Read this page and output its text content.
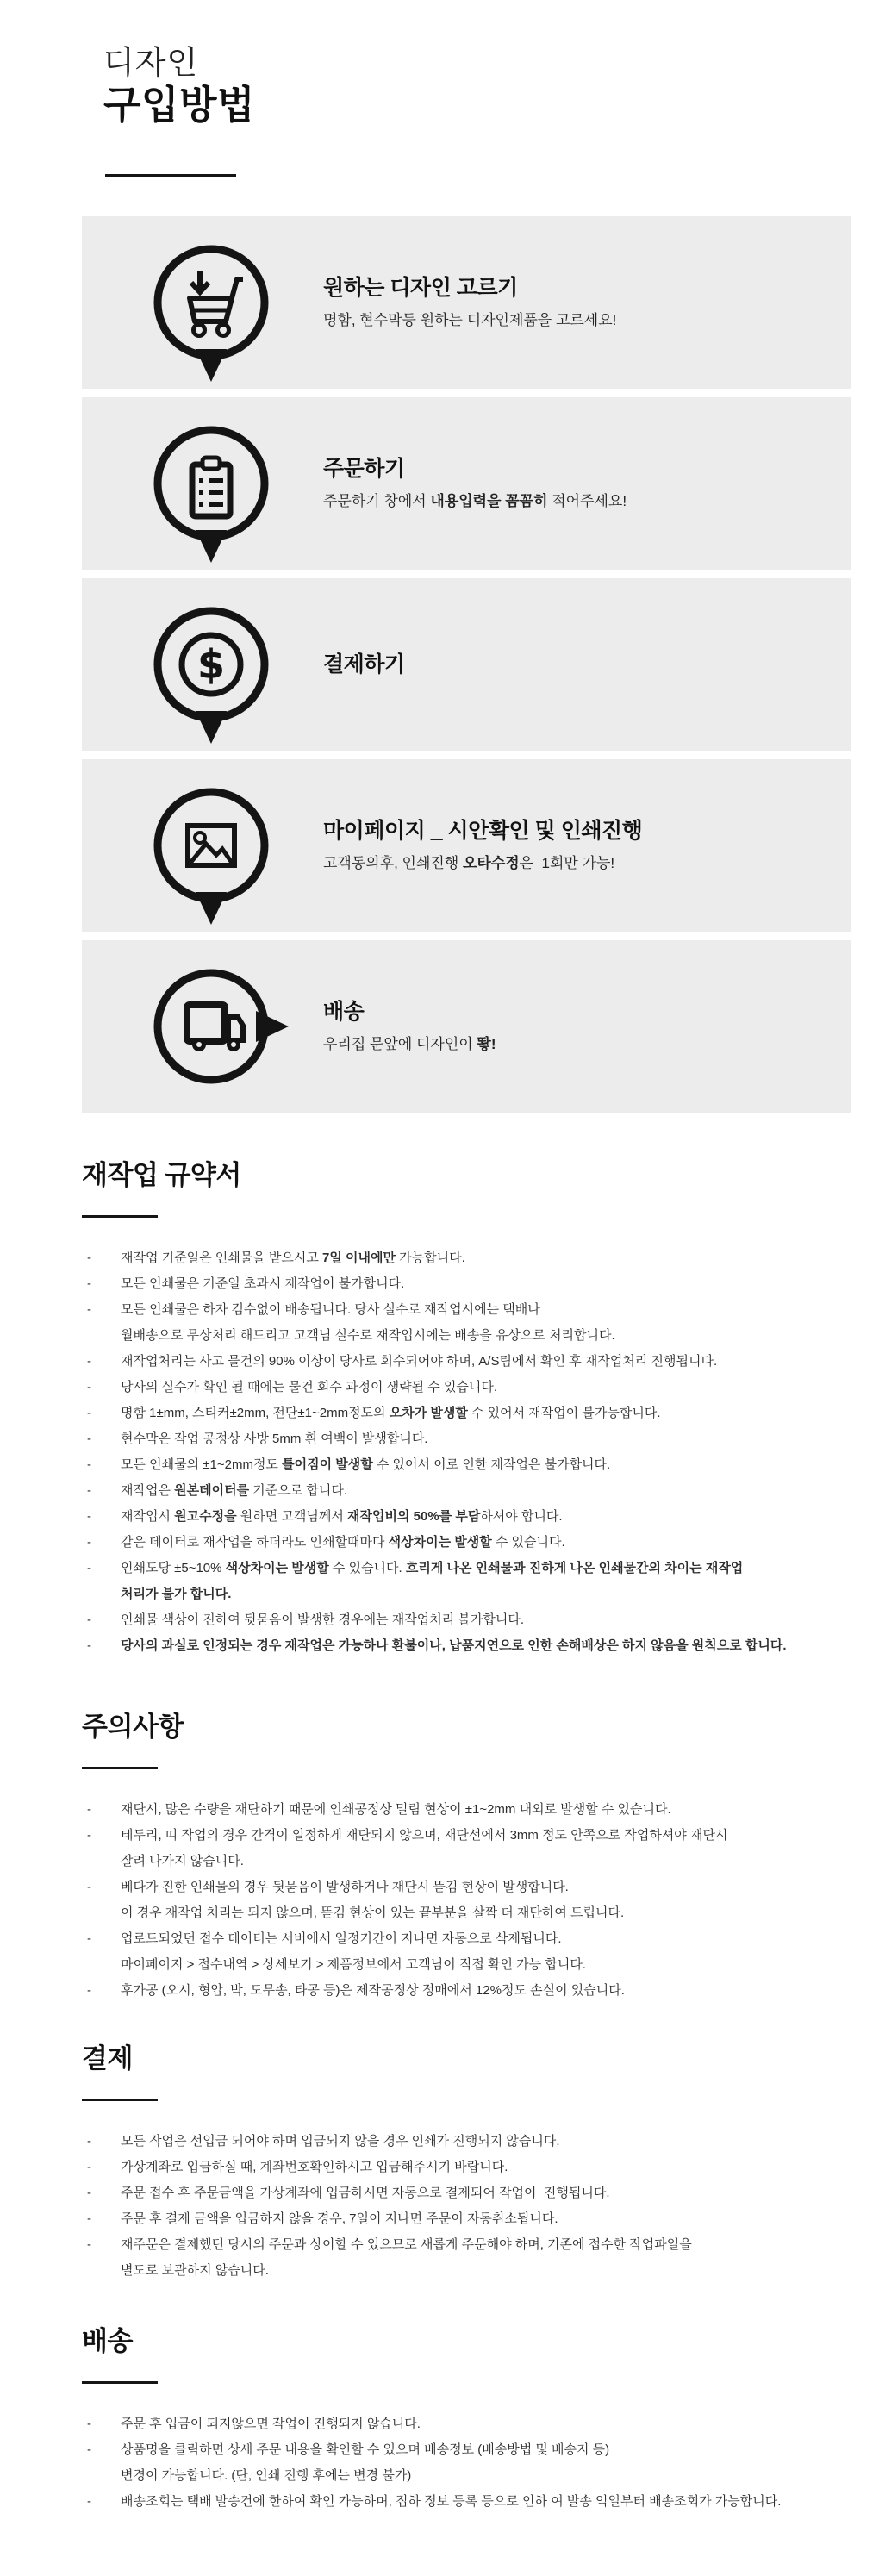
디자인
구입방법
원하는 디자인 고르기
명함, 현수막등 원하는 디자인제품을 고르세요!
주문하기
주문하기 창에서 내용입력을 꼼꼼히 적어주세요!
$	결제하기
마이페이지 _ 시안확인 및 인쇄진행
고객동의후, 인쇄진행 오타수정은  1회만 가능!
배송
우리집 문앞에 디자인이 뙇!
재작업 규약서
- 재작업 기준일은 인쇄물을 받으시고 7일 이내에만 가능합니다.
- 모든 인쇄물은 기준일 초과시 재작업이 불가합니다.
- 모든 인쇄물은 하자 검수없이 배송됩니다. 당사 실수로 재작업시에는 택배나
월배송으로 무상처리 해드리고 고객님 실수로 재작업시에는 배송을 유상으로 처리합니다.
- 재작업처리는 사고 물건의 90% 이상이 당사로 회수되어야 하며, A/S팀에서 확인 후 재작업처리 진행됩니다.
- 당사의 실수가 확인 될 때에는 물건 회수 과정이 생략될 수 있습니다.
- 명함 1±mm, 스티커±2mm, 전단±1~2mm정도의 오차가 발생할 수 있어서 재작업이 불가능합니다.
- 현수막은 작업 공정상 사방 5mm 흰 여백이 발생합니다.
- 모든 인쇄물의 ±1~2mm정도 틀어짐이 발생할 수 있어서 이로 인한 재작업은 불가합니다.
- 재작업은 원본데이터를 기준으로 합니다.
- 재작업시 원고수정을 원하면 고객님께서 재작업비의 50%를 부담하셔야 합니다.
- 같은 데이터로 재작업을 하더라도 인쇄할때마다 색상차이는 발생할 수 있습니다.
- 인쇄도당 ±5~10% 색상차이는 발생할 수 있습니다. 흐리게 나온 인쇄물과 진하게 나온 인쇄물간의 차이는 재작업
처리가 불가 합니다.
- 인쇄물 색상이 진하여 뒷묻음이 발생한 경우에는 재작업처리 불가합니다.
- 당사의 과실로 인정되는 경우 재작업은 가능하나 환불이나, 납품지연으로 인한 손해배상은 하지 않음을 원칙으로 합니다.
주의사항
- 재단시, 많은 수량을 재단하기 때문에 인쇄공정상 밀림 현상이 ±1~2mm 내외로 발생할 수 있습니다.
- 테두리, 띠 작업의 경우 간격이 일정하게 재단되지 않으며, 재단선에서 3mm 정도 안쪽으로 작업하셔야 재단시
잘려 나가지 않습니다.
- 베다가 진한 인쇄물의 경우 뒷묻음이 발생하거나 재단시 뜯김 현상이 발생합니다.
이 경우 재작업 처리는 되지 않으며, 뜯김 현상이 있는 끝부분을 살짝 더 재단하여 드립니다.
- 업로드되었던 접수 데이터는 서버에서 일정기간이 지나면 자동으로 삭제됩니다.
마이페이지 > 접수내역 > 상세보기 > 제품정보에서 고객님이 직접 확인 가능 합니다.
- 후가공 (오시, 형압, 박, 도무송, 타공 등)은 제작공정상 정매에서 12%정도 손실이 있습니다.
결제
- 모든 작업은 선입금 되어야 하며 입금되지 않을 경우 인쇄가 진행되지 않습니다.
- 가상계좌로 입금하실 때, 계좌번호확인하시고 입금해주시기 바랍니다.
- 주문 접수 후 주문금액을 가상계좌에 입금하시면 자동으로 결제되어 작업이  진행됩니다.
- 주문 후 결제 금액을 입금하지 않을 경우, 7일이 지나면 주문이 자동취소됩니다.
- 재주문은 결제했던 당시의 주문과 상이할 수 있으므로 새롭게 주문해야 하며, 기존에 접수한 작업파일을
별도로 보관하지 않습니다.
배송
- 주문 후 입금이 되지않으면 작업이 진행되지 않습니다.
- 상품명을 클릭하면 상세 주문 내용을 확인할 수 있으며 배송정보 (배송방법 및 배송지 등)
변경이 가능합니다. (단, 인쇄 진행 후에는 변경 불가)
- 배송조회는 택배 발송건에 한하여 확인 가능하며, 집하 정보 등록 등으로 인하 여 발송 익일부터 배송조회가 가능합니다.
